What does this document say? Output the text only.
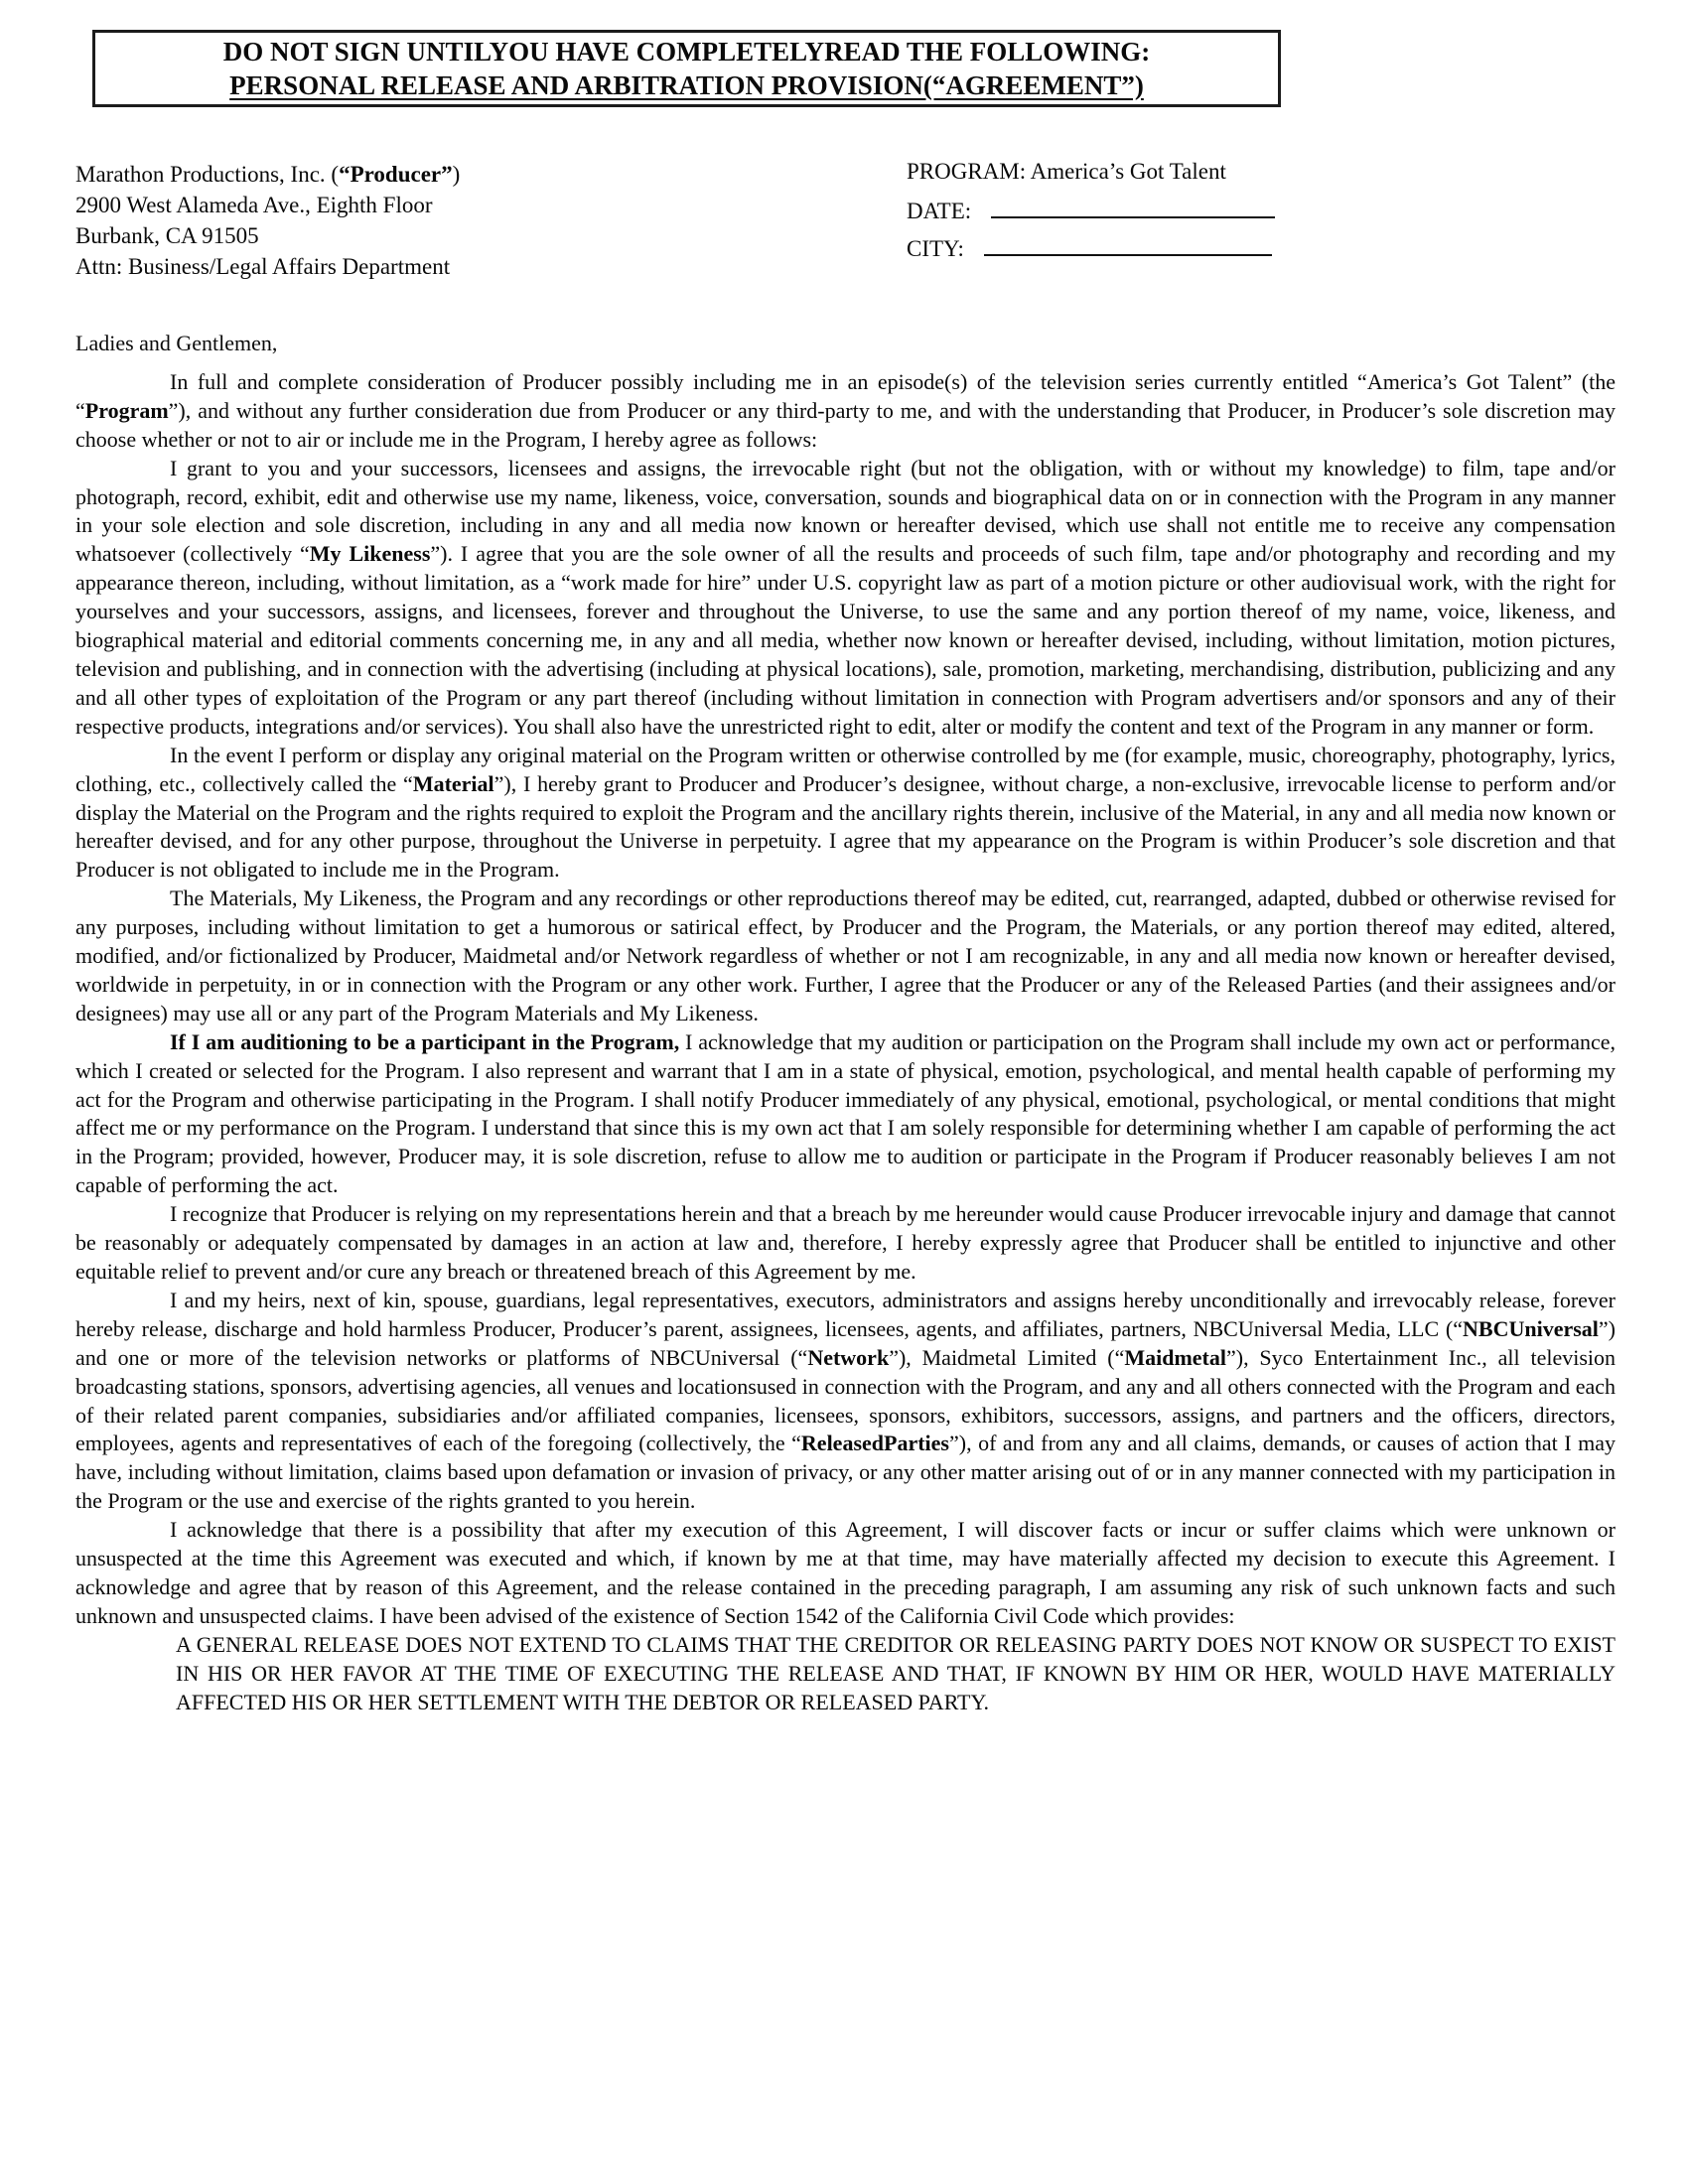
DO NOT SIGN UNTILYOU HAVE COMPLETELYREAD THE FOLLOWING:
PERSONAL RELEASE AND ARBITRATION PROVISION(“AGREEMENT”)
Marathon Productions, Inc. (“Producer”)
2900 West Alameda Ave., Eighth Floor
Burbank, CA 91505
Attn: Business/Legal Affairs Department
PROGRAM: America’s Got Talent
DATE:
CITY:

Ladies and Gentlemen,

In full and complete consideration of Producer possibly including me in an episode(s) of the television series currently entitled “America’s Got Talent” (the “Program”), and without any further consideration due from Producer or any third-party to me, and with the understanding that Producer, in Producer’s sole discretion may choose whether or not to air or include me in the Program, I hereby agree as follows:

I grant to you and your successors, licensees and assigns, the irrevocable right (but not the obligation, with or without my knowledge) to film, tape and/or photograph, record, exhibit, edit and otherwise use my name, likeness, voice, conversation, sounds and biographical data on or in connection with the Program in any manner in your sole election and sole discretion, including in any and all media now known or hereafter devised, which use shall not entitle me to receive any compensation whatsoever (collectively “My Likeness”). I agree that you are the sole owner of all the results and proceeds of such film, tape and/or photography and recording and my appearance thereon, including, without limitation, as a “work made for hire” under U.S. copyright law as part of a motion picture or other audiovisual work, with the right for yourselves and your successors, assigns, and licensees, forever and throughout the Universe, to use the same and any portion thereof of my name, voice, likeness, and biographical material and editorial comments concerning me, in any and all media, whether now known or hereafter devised, including, without limitation, motion pictures, television and publishing, and in connection with the advertising (including at physical locations), sale, promotion, marketing, merchandising, distribution, publicizing and any and all other types of exploitation of the Program or any part thereof (including without limitation in connection with Program advertisers and/or sponsors and any of their respective products, integrations and/or services). You shall also have the unrestricted right to edit, alter or modify the content and text of the Program in any manner or form.

In the event I perform or display any original material on the Program written or otherwise controlled by me (for example, music, choreography, photography, lyrics, clothing, etc., collectively called the “Material”), I hereby grant to Producer and Producer’s designee, without charge, a non-exclusive, irrevocable license to perform and/or display the Material on the Program and the rights required to exploit the Program and the ancillary rights therein, inclusive of the Material, in any and all media now known or hereafter devised, and for any other purpose, throughout the Universe in perpetuity. I agree that my appearance on the Program is within Producer’s sole discretion and that Producer is not obligated to include me in the Program.

The Materials, My Likeness, the Program and any recordings or other reproductions thereof may be edited, cut, rearranged, adapted, dubbed or otherwise revised for any purposes, including without limitation to get a humorous or satirical effect, by Producer and the Program, the Materials, or any portion thereof may edited, altered, modified, and/or fictionalized by Producer, Maidmetal and/or Network regardless of whether or not I am recognizable, in any and all media now known or hereafter devised, worldwide in perpetuity, in or in connection with the Program or any other work. Further, I agree that the Producer or any of the Released Parties (and their assignees and/or designees) may use all or any part of the Program Materials and My Likeness.

If I am auditioning to be a participant in the Program, I acknowledge that my audition or participation on the Program shall include my own act or performance, which I created or selected for the Program. I also represent and warrant that I am in a state of physical, emotion, psychological, and mental health capable of performing my act for the Program and otherwise participating in the Program. I shall notify Producer immediately of any physical, emotional, psychological, or mental conditions that might affect me or my performance on the Program. I understand that since this is my own act that I am solely responsible for determining whether I am capable of performing the act in the Program; provided, however, Producer may, it is sole discretion, refuse to allow me to audition or participate in the Program if Producer reasonably believes I am not capable of performing the act.

I recognize that Producer is relying on my representations herein and that a breach by me hereunder would cause Producer irrevocable injury and damage that cannot be reasonably or adequately compensated by damages in an action at law and, therefore, I hereby expressly agree that Producer shall be entitled to injunctive and other equitable relief to prevent and/or cure any breach or threatened breach of this Agreement by me.

I and my heirs, next of kin, spouse, guardians, legal representatives, executors, administrators and assigns hereby unconditionally and irrevocably release, forever hereby release, discharge and hold harmless Producer, Producer’s parent, assignees, licensees, agents, and affiliates, partners, NBCUniversal Media, LLC (“NBCUniversal”) and one or more of the television networks or platforms of NBCUniversal (“Network”), Maidmetal Limited (“Maidmetal”), Syco Entertainment Inc., all television broadcasting stations, sponsors, advertising agencies, all venues and locationsused in connection with the Program, and any and all others connected with the Program and each of their related parent companies, subsidiaries and/or affiliated companies, licensees, sponsors, exhibitors, successors, assigns, and partners and the officers, directors, employees, agents and representatives of each of the foregoing (collectively, the “ReleasedParties”), of and from any and all claims, demands, or causes of action that I may have, including without limitation, claims based upon defamation or invasion of privacy, or any other matter arising out of or in any manner connected with my participation in the Program or the use and exercise of the rights granted to you herein.

I acknowledge that there is a possibility that after my execution of this Agreement, I will discover facts or incur or suffer claims which were unknown or unsuspected at the time this Agreement was executed and which, if known by me at that time, may have materially affected my decision to execute this Agreement. I acknowledge and agree that by reason of this Agreement, and the release contained in the preceding paragraph, I am assuming any risk of such unknown facts and such unknown and unsuspected claims. I have been advised of the existence of Section 1542 of the California Civil Code which provides:

A GENERAL RELEASE DOES NOT EXTEND TO CLAIMS THAT THE CREDITOR OR RELEASING PARTY DOES NOT KNOW OR SUSPECT TO EXIST IN HIS OR HER FAVOR AT THE TIME OF EXECUTING THE RELEASE AND THAT, IF KNOWN BY HIM OR HER, WOULD HAVE MATERIALLY AFFECTED HIS OR HER SETTLEMENT WITH THE DEBTOR OR RELEASED PARTY.
